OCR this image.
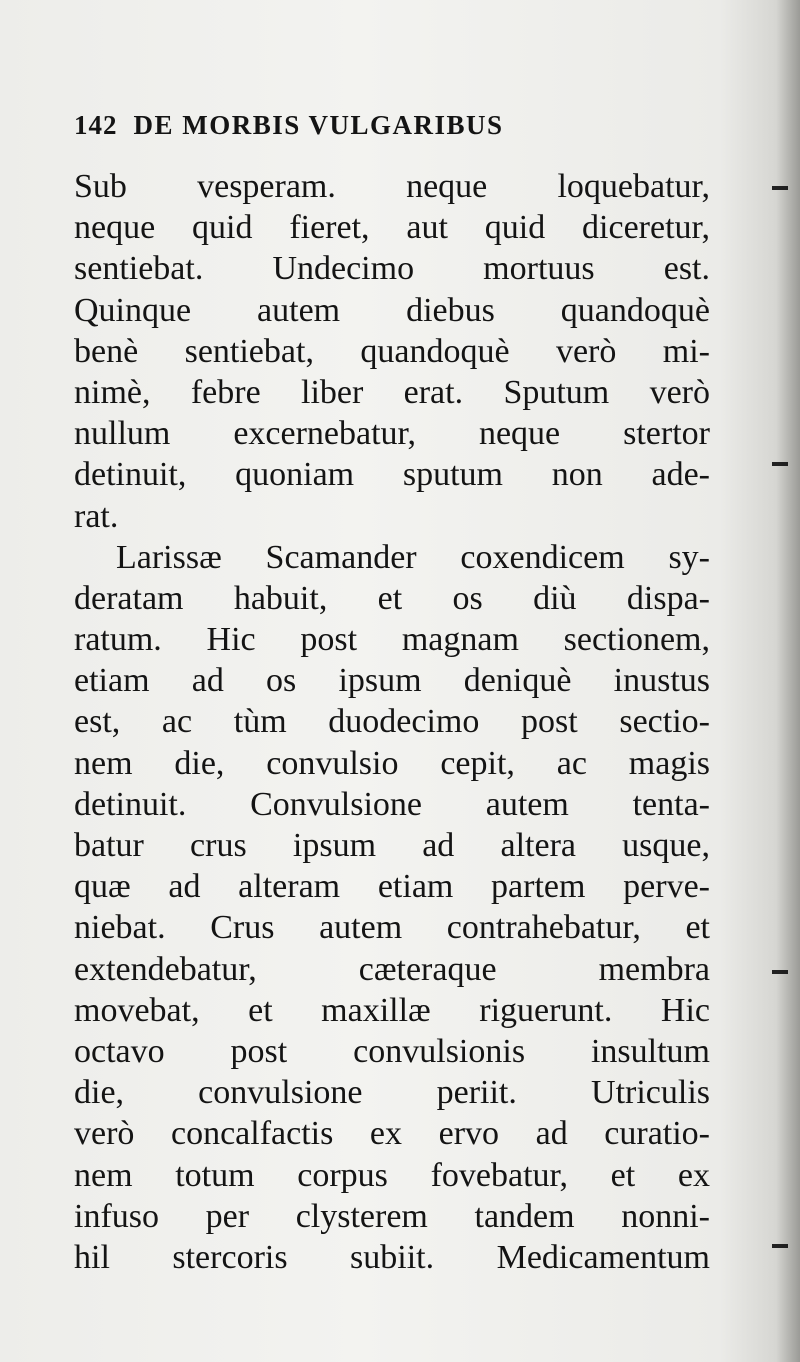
142 DE MORBIS VULGARIBUS
Sub vesperam. neque loquebatur,
neque quid fieret, aut quid diceretur,
sentiebat. Undecimo mortuus est.
Quinque autem diebus quandoquè
benè sentiebat, quandoquè verò mi-
nimè, febre liber erat. Sputum verò
nullum excernebatur, neque stertor
detinuit, quoniam sputum non ade-
rat.
Larissæ Scamander coxendicem sy-
deratam habuit, et os diù dispa-
ratum. Hic post magnam sectionem,
etiam ad os ipsum deniquè inustus
est, ac tùm duodecimo post sectio-
nem die, convulsio cepit, ac magis
detinuit. Convulsione autem tenta-
batur crus ipsum ad altera usque,
quæ ad alteram etiam partem perve-
niebat. Crus autem contrahebatur, et
extendebatur, cæteraque membra
movebat, et maxillæ riguerunt. Hic
octavo post convulsionis insultum
die, convulsione periit. Utriculis
verò concalfactis ex ervo ad curatio-
nem totum corpus fovebatur, et ex
infuso per clysterem tandem nonni-
hil stercoris subiit. Medicamentum
